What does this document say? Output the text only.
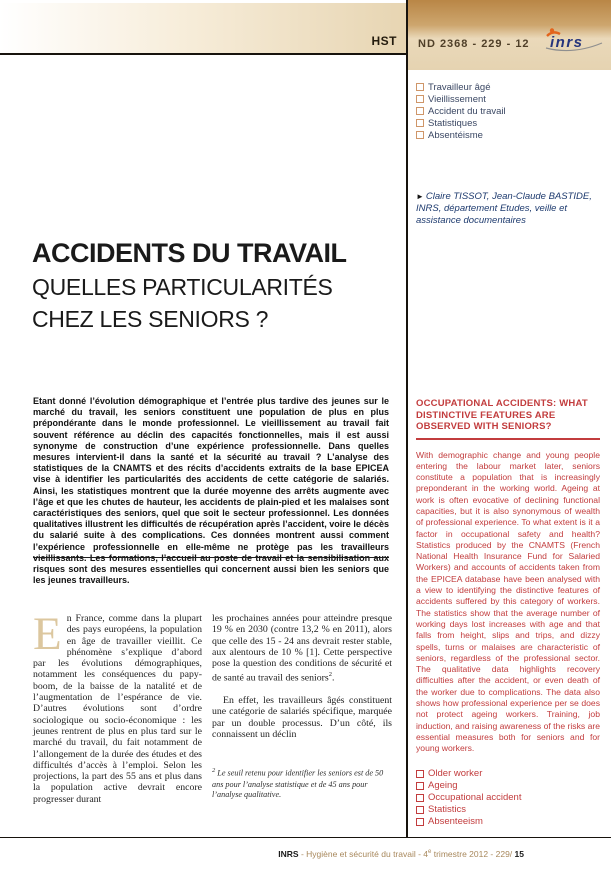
HST ND 2368 - 229 - 12 inrs
Travailleur âgé
Vieillissement
Accident du travail
Statistiques
Absentéisme
► Claire TISSOT, Jean-Claude BASTIDE, INRS, département Etudes, veille et assistance documentaires
ACCIDENTS DU TRAVAIL
QUELLES PARTICULARITÉS
CHEZ LES SENIORS ?

Etant donné l’évolution démographique et l’entrée plus tardive des jeunes sur le marché du travail, les seniors constituent une population de plus en plus prépondérante dans le monde professionnel. Le vieillissement au travail fait souvent référence au déclin des capacités fonctionnelles, mais il est aussi synonyme de construction d’une expérience professionnelle. Dans quelles mesures intervient-il dans la santé et la sécurité au travail ? L’analyse des statistiques de la CNAMTS et des récits d’accidents extraits de la base EPICEA vise à identifier les particularités des accidents de cette catégorie de salariés. Ainsi, les statistiques montrent que la durée moyenne des arrêts augmente avec l’âge et que les chutes de hauteur, les accidents de plain-pied et les malaises sont caractéristiques des seniors, quel que soit le secteur professionnel. Les données qualitatives illustrent les difficultés de récupération après l’accident, voire le décès du salarié suite à des complications. Ces données montrent aussi comment l’expérience professionnelle en elle-même ne protège pas les travailleurs vieillissants. Les formations, l’accueil au poste de travail et la sensibilisation aux risques sont des mesures essentielles qui concernent aussi bien les seniors que les jeunes travailleurs.

En France, comme dans la plupart des pays européens, la population en âge de travailler vieillit. Ce phénomène s’explique d’abord par les évolutions démographiques, notamment les conséquences du papy-boom, de la baisse de la natalité et de l’augmentation de l’espérance de vie. D’autres évolutions sont d’ordre sociologique ou socio-économique : les jeunes rentrent de plus en plus tard sur le marché du travail, du fait notamment de l’allongement de la durée des études et des difficultés d’accès à l’emploi. Selon les projections, la part des 55 ans et plus dans la population active devrait encore progresser durant

les prochaines années pour atteindre presque 19 % en 2030 (contre 13,2 % en 2011), alors que celle des 15 - 24 ans devrait rester stable, aux alentours de 10 % [1]. Cette perspective pose la question des conditions de sécurité et de santé au travail des seniors$^2$.

En effet, les travailleurs âgés constituent une catégorie de salariés spécifique, marquée par un double processus. D’un côté, ils connaissent un déclin

$^2$ Le seuil retenu pour identifier les seniors est de 50 ans pour l’analyse statistique et de 45 ans pour l’analyse qualitative.

OCCUPATIONAL ACCIDENTS: WHAT DISTINCTIVE FEATURES ARE OBSERVED WITH SENIORS?

With demographic change and young people entering the labour market later, seniors constitute a population that is increasingly preponderant in the working world. Ageing at work is often evocative of declining functional capacities, but it is also synonymous of wealth of professional experience. To what extent is it a factor in occupational safety and health? Statistics produced by the CNAMTS (French National Health Insurance Fund for Salaried Workers) and accounts of accidents taken from the EPICEA database have been analysed with a view to identifying the distinctive features of accidents suffered by this category of workers. The statistics show that the average number of working days lost increases with age and that falls from height, slips and trips, and dizzy spells, turns or malaises are characteristic of seniors, regardless of the professional sector. The qualitative data highlights recovery difficulties after the accident, or even death of the worker due to complications. The data also shows how professional experience per se does not protect ageing workers. Training, job induction, and raising awareness of the risks are essential measures both for seniors and for young workers.

Older worker
Ageing
Occupational accident
Statistics
Absenteeism
INRS - Hygiène et sécurité du travail - 4e trimestre 2012 - 229/ 15
